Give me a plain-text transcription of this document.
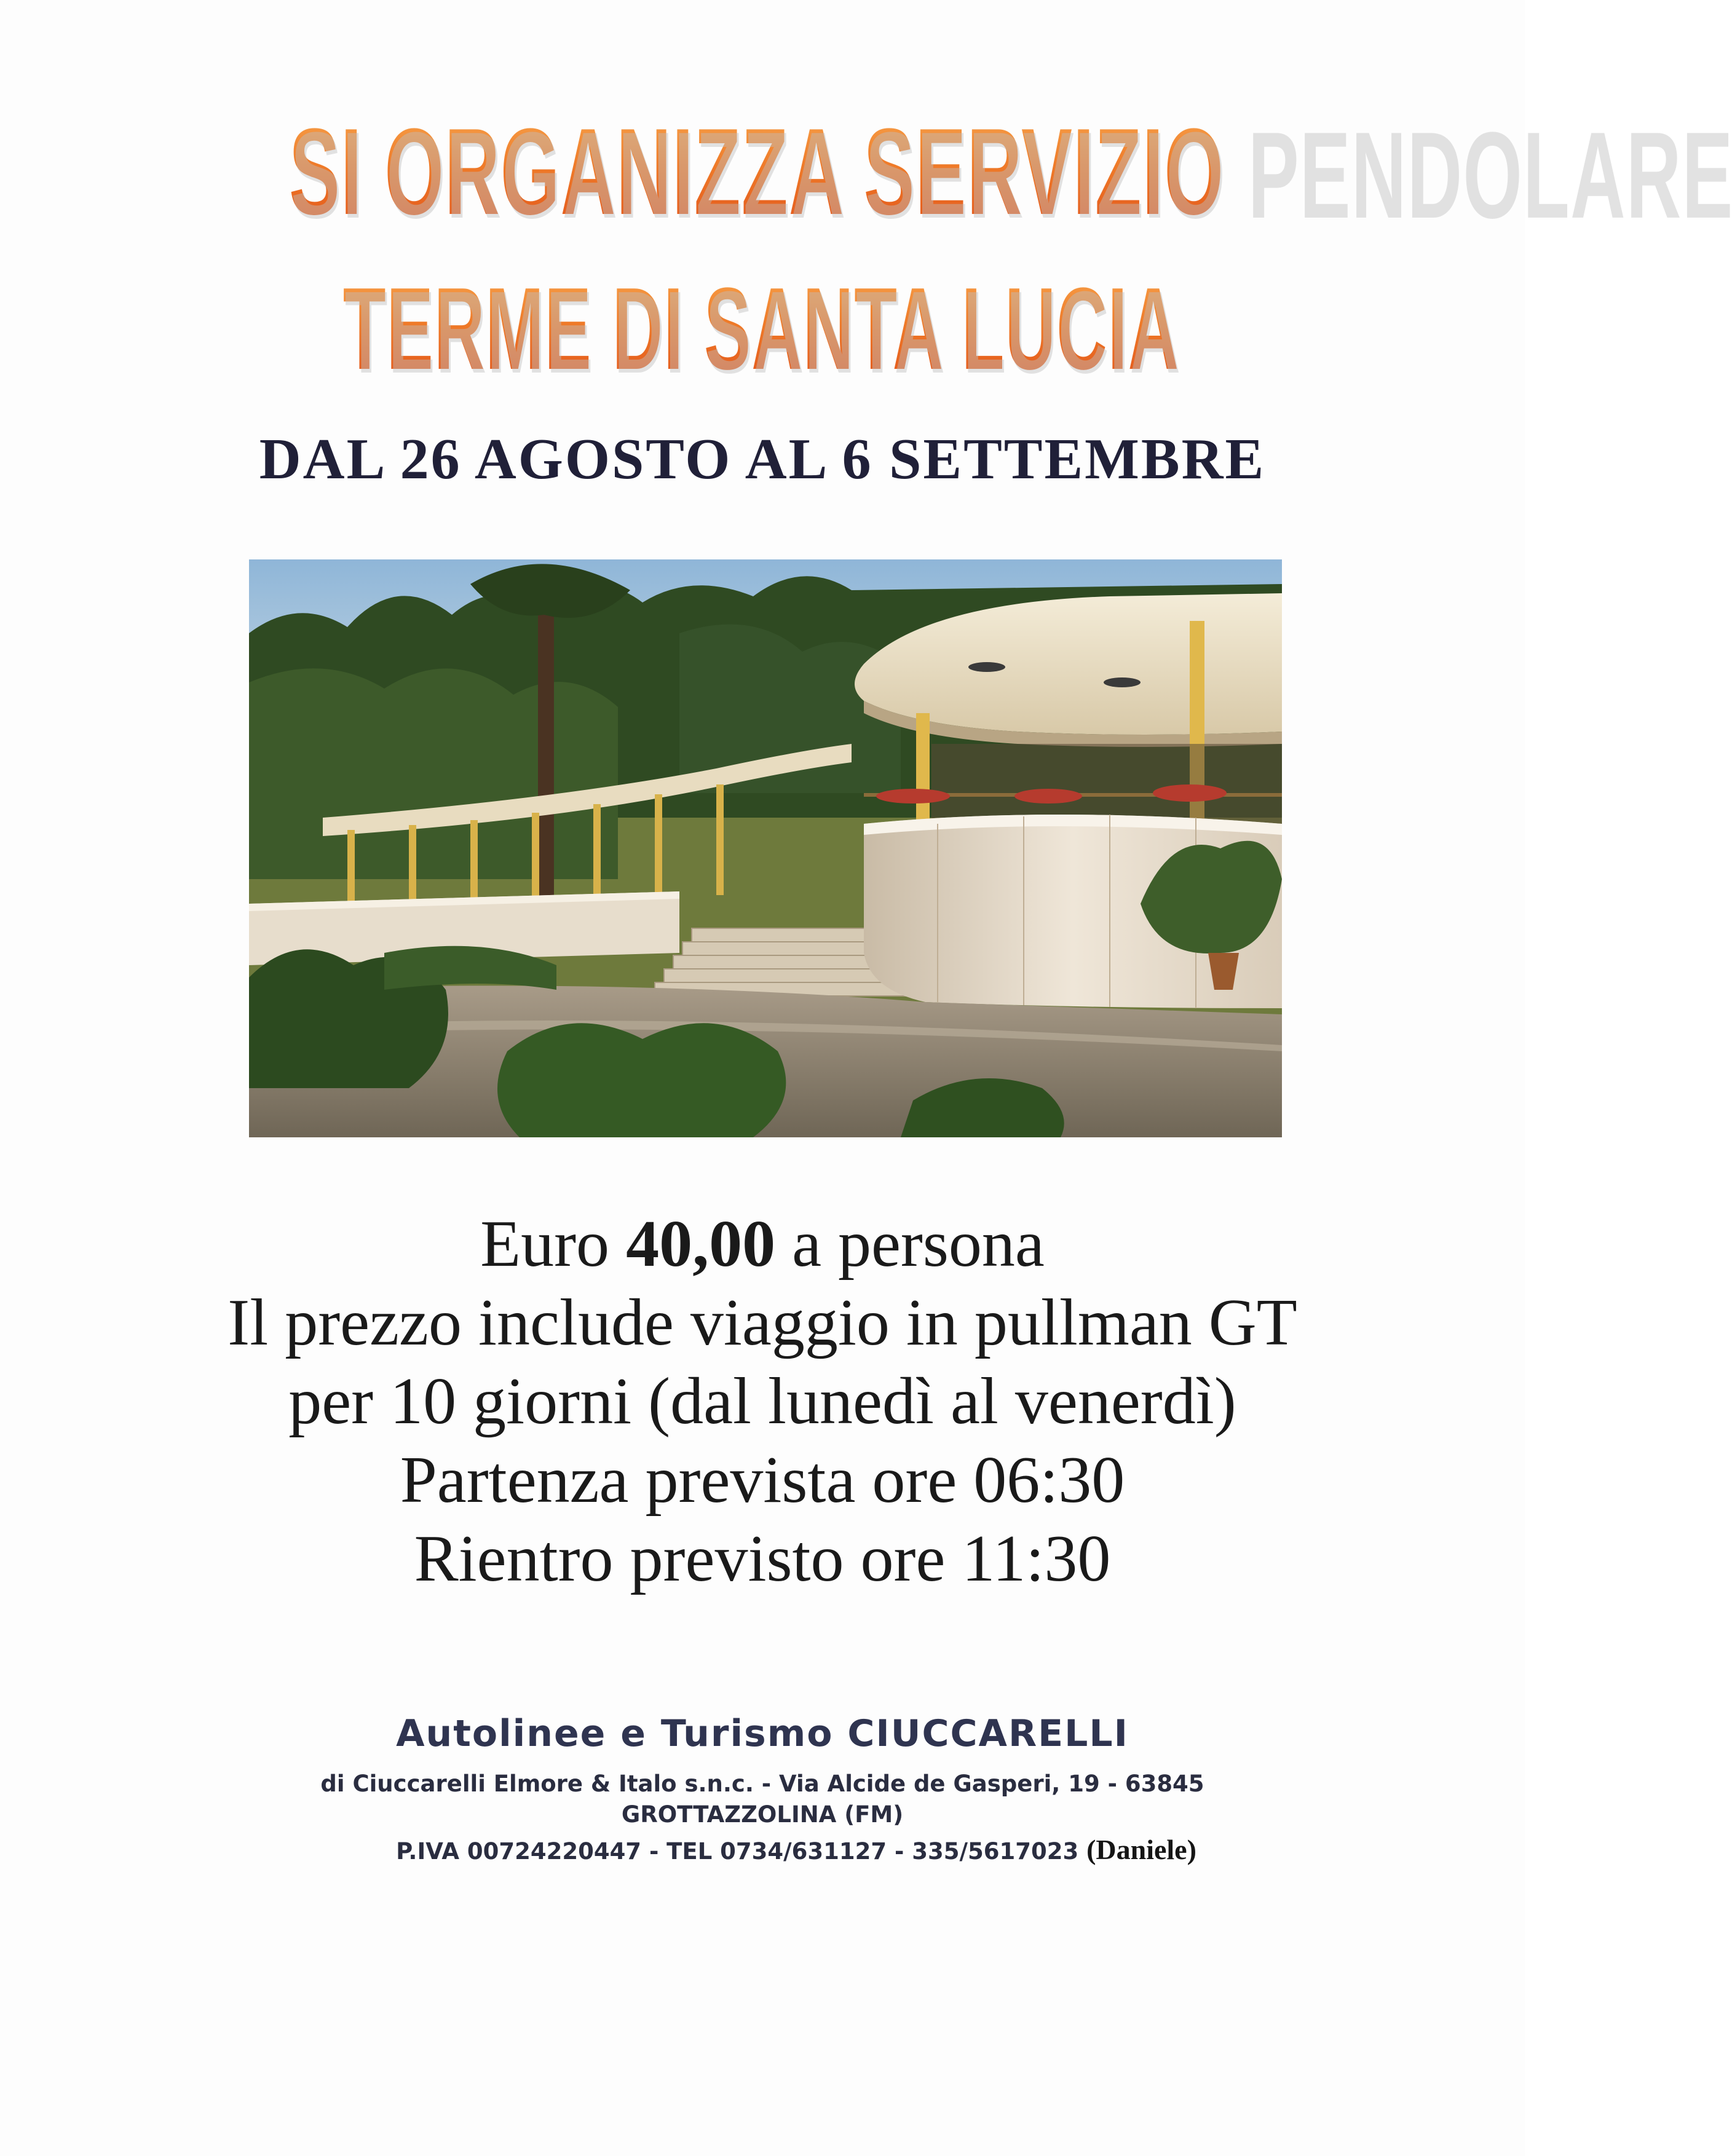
SI ORGANIZZA SERVIZIO PENDOLARE
TERME DI SANTA LUCIA
DAL 26 AGOSTO AL 6 SETTEMBRE
Euro 40,00 a persona
Il prezzo include viaggio in pullman GT
per 10 giorni (dal lunedì al venerdì)
Partenza prevista ore 06:30
Rientro previsto ore 11:30
Autolinee e Turismo CIUCCARELLI
di Ciuccarelli Elmore & Italo s.n.c. - Via Alcide de Gasperi, 19 - 63845
GROTTAZZOLINA (FM)
P.IVA 00724220447 - TEL 0734/631127 - 335/5617023 (Daniele)
